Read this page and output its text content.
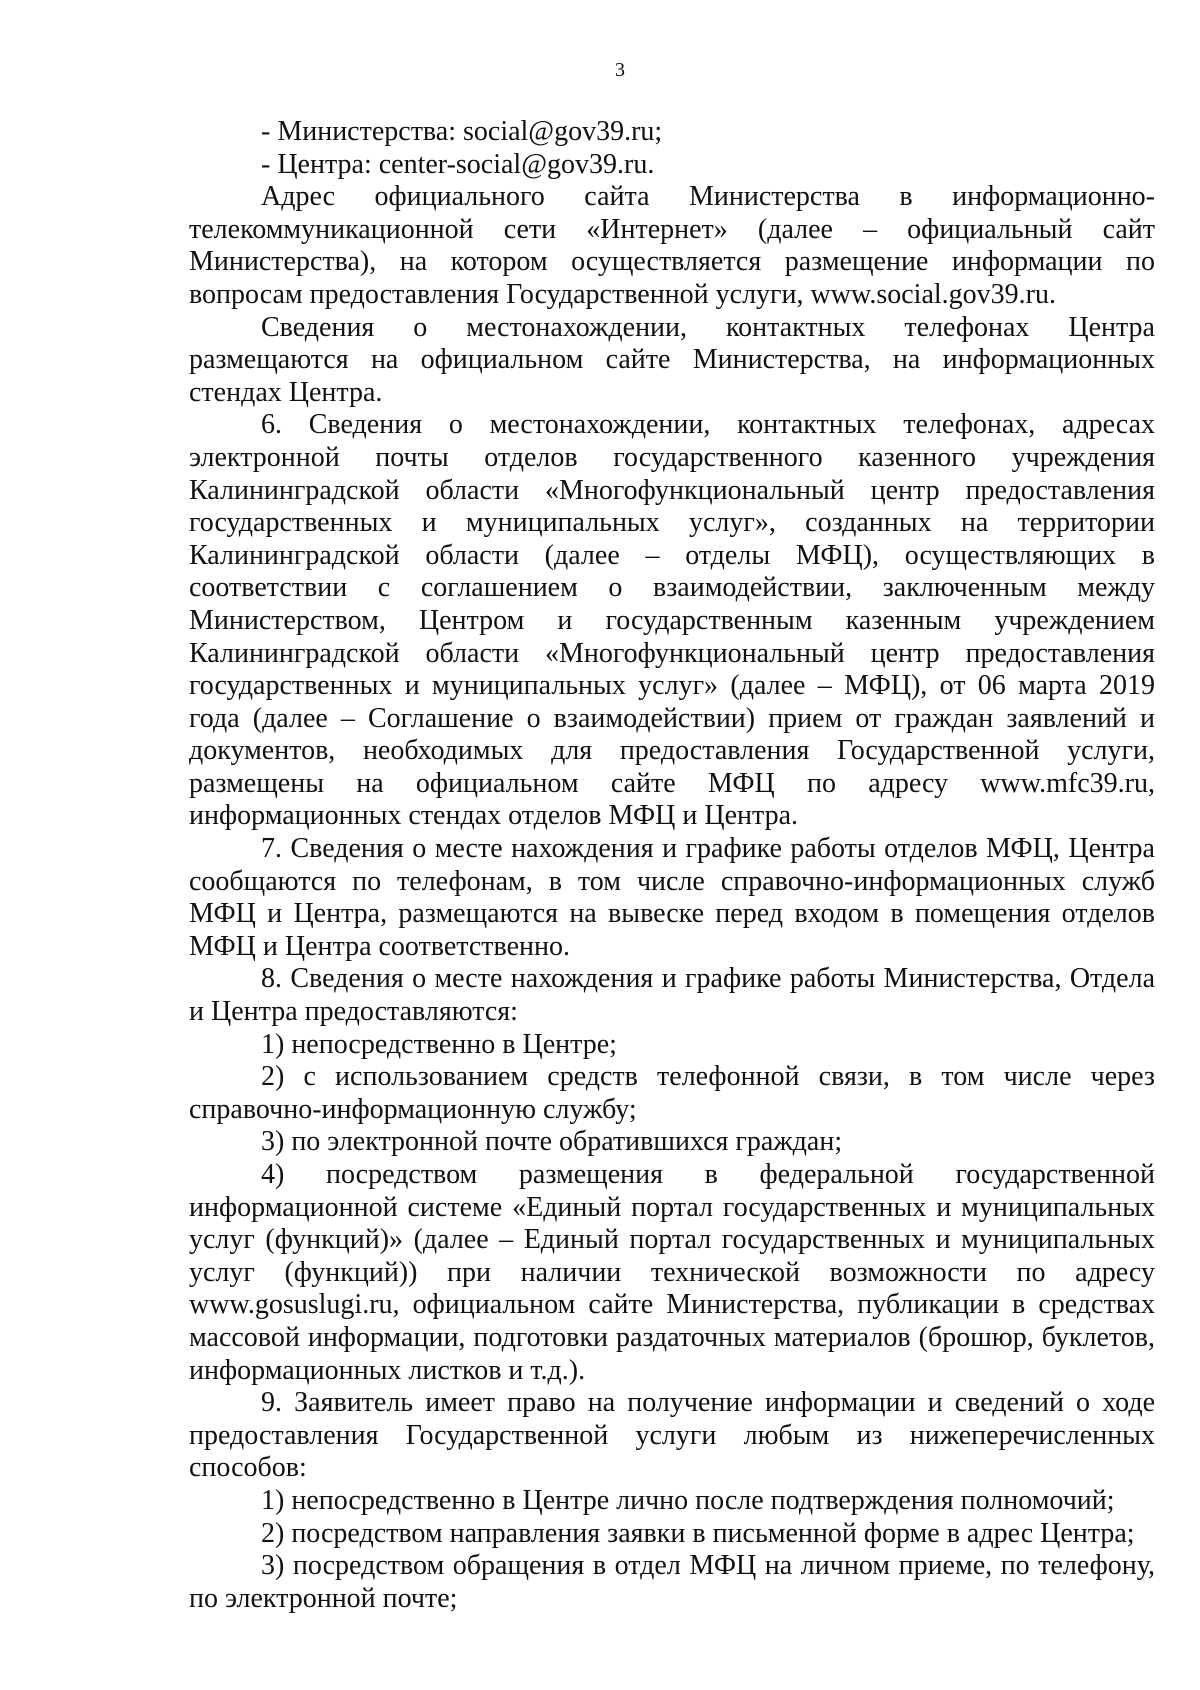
3

- Министерства: social@gov39.ru;

- Центра: center-social@gov39.ru.

Адрес официального сайта Министерства в информационно-телекоммуникационной сети «Интернет» (далее – официальный сайт Министерства), на котором осуществляется размещение информации по вопросам предоставления Государственной услуги, www.social.gov39.ru.

Сведения о местонахождении, контактных телефонах Центра размещаются на официальном сайте Министерства, на информационных стендах Центра.

6. Сведения о местонахождении, контактных телефонах, адресах электронной почты отделов государственного казенного учреждения Калининградской области «Многофункциональный центр предоставления государственных и муниципальных услуг», созданных на территории Калининградской области (далее – отделы МФЦ), осуществляющих в соответствии с соглашением о взаимодействии, заключенным между Министерством, Центром и государственным казенным учреждением Калининградской области «Многофункциональный центр предоставления государственных и муниципальных услуг» (далее – МФЦ), от 06 марта 2019 года (далее – Соглашение о взаимодействии) прием от граждан заявлений и документов, необходимых для предоставления Государственной услуги, размещены на официальном сайте МФЦ по адресу www.mfc39.ru, информационных стендах отделов МФЦ и Центра.

7. Сведения о месте нахождения и графике работы отделов МФЦ, Центра сообщаются по телефонам, в том числе справочно-информационных служб МФЦ и Центра, размещаются на вывеске перед входом в помещения отделов МФЦ и Центра соответственно.

8. Сведения о месте нахождения и графике работы Министерства, Отдела и Центра предоставляются:

1) непосредственно в Центре;

2) с использованием средств телефонной связи, в том числе через справочно-информационную службу;

3) по электронной почте обратившихся граждан;

4) посредством размещения в федеральной государственной информационной системе «Единый портал государственных и муниципальных услуг (функций)» (далее – Единый портал государственных и муниципальных услуг (функций)) при наличии технической возможности по адресу www.gosuslugi.ru, официальном сайте Министерства, публикации в средствах массовой информации, подготовки раздаточных материалов (брошюр, буклетов, информационных листков и т.д.).

9. Заявитель имеет право на получение информации и сведений о ходе предоставления Государственной услуги любым из нижеперечисленных способов:

1) непосредственно в Центре лично после подтверждения полномочий;

2) посредством направления заявки в письменной форме в адрес Центра;

3) посредством обращения в отдел МФЦ на личном приеме, по телефону, по электронной почте;
